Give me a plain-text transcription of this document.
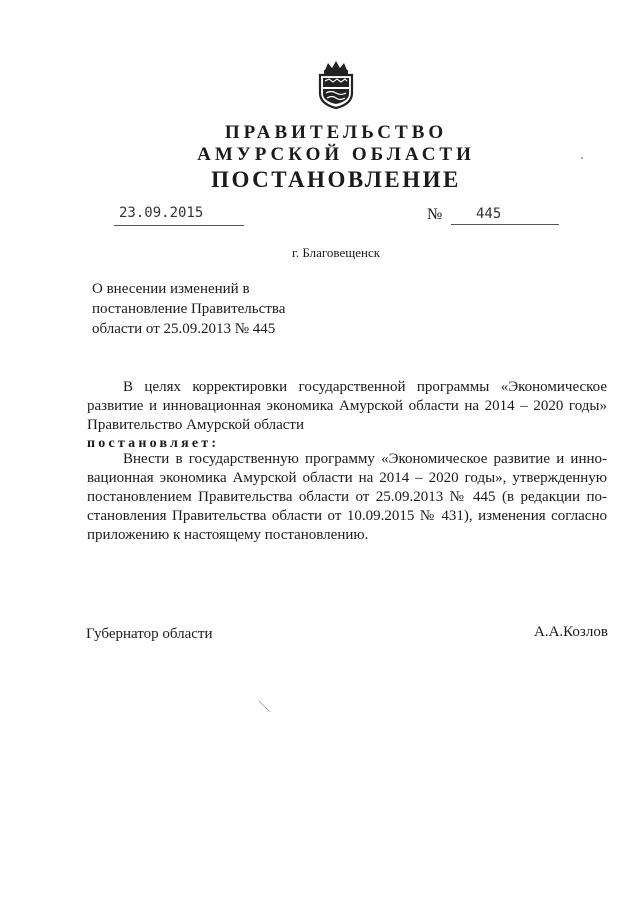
ПРАВИТЕЛЬСТВО
АМУРСКОЙ ОБЛАСТИ
ПОСТАНОВЛЕНИЕ
23.09.2015	№ 445
г. Благовещенск
О внесении изменений в
постановление Правительства
области от 25.09.2013 № 445
В целях корректировки государственной программы «Экономическое
развитие и инновационная экономика Амурской области на 2014 – 2020 годы»
Правительство Амурской области
постановляет:
Внести в государственную программу «Экономическое развитие и инно-
вационная экономика Амурской области на 2014 – 2020 годы», утвержденную
постановлением Правительства области от 25.09.2013 № 445 (в редакции по-
становления Правительства области от 10.09.2015 № 431), изменения согласно
приложению к настоящему постановлению.
Губернатор области	А.А.Козлов
